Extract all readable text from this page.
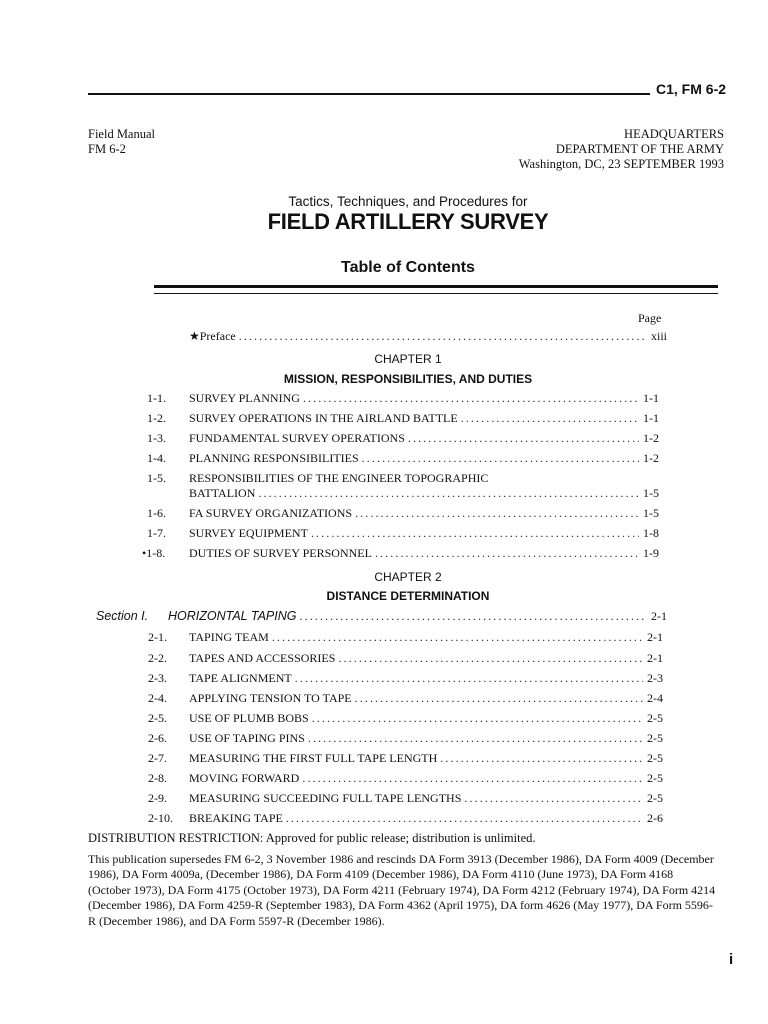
C1, FM 6-2
Field Manual
FM 6-2
HEADQUARTERS
DEPARTMENT OF THE ARMY
Washington, DC, 23 SEPTEMBER 1993
Tactics, Techniques, and Procedures for
FIELD ARTILLERY SURVEY
Table of Contents
Page
★Preface .....	xiii
CHAPTER 1
MISSION, RESPONSIBILITIES, AND DUTIES
1-1. SURVEY PLANNING .....	1-1
1-2. SURVEY OPERATIONS IN THE AIRLAND BATTLE .....	1-1
1-3. FUNDAMENTAL SURVEY OPERATIONS .....	1-2
1-4. PLANNING RESPONSIBILITIES .....	1-2
1-5. RESPONSIBILITIES OF THE ENGINEER TOPOGRAPHIC
BATTALION .....	1-5
1-6. FA SURVEY ORGANIZATIONS .....	1-5
1-7. SURVEY EQUIPMENT .....	1-8
•1-8. DUTIES OF SURVEY PERSONNEL .....	1-9
CHAPTER 2
DISTANCE DETERMINATION
Section I. HORIZONTAL TAPING .....	2-1
2-1. TAPING TEAM .....	2-1
2-2. TAPES AND ACCESSORIES .....	2-1
2-3. TAPE ALIGNMENT .....	2-3
2-4. APPLYING TENSION TO TAPE .....	2-4
2-5. USE OF PLUMB BOBS .....	2-5
2-6. USE OF TAPING PINS .....	2-5
2-7. MEASURING THE FIRST FULL TAPE LENGTH .....	2-5
2-8. MOVING FORWARD .....	2-5
2-9. MEASURING SUCCEEDING FULL TAPE LENGTHS .....	2-5
2-10. BREAKING TAPE .....	2-6
DISTRIBUTION RESTRICTION: Approved for public release; distribution is unlimited.
This publication supersedes FM 6-2, 3 November 1986 and rescinds DA Form 3913 (December 1986), DA Form 4009 (December 1986), DA Form 4009a, (December 1986), DA Form 4109 (December 1986), DA Form 4110 (June 1973), DA Form 4168 (October 1973), DA Form 4175 (October 1973), DA Form 4211 (February 1974), DA Form 4212 (February 1974), DA Form 4214 (December 1986), DA Form 4259-R (September 1983), DA Form 4362 (April 1975), DA form 4626 (May 1977), DA Form 5596-R (December 1986), and DA Form 5597-R (December 1986).
i
